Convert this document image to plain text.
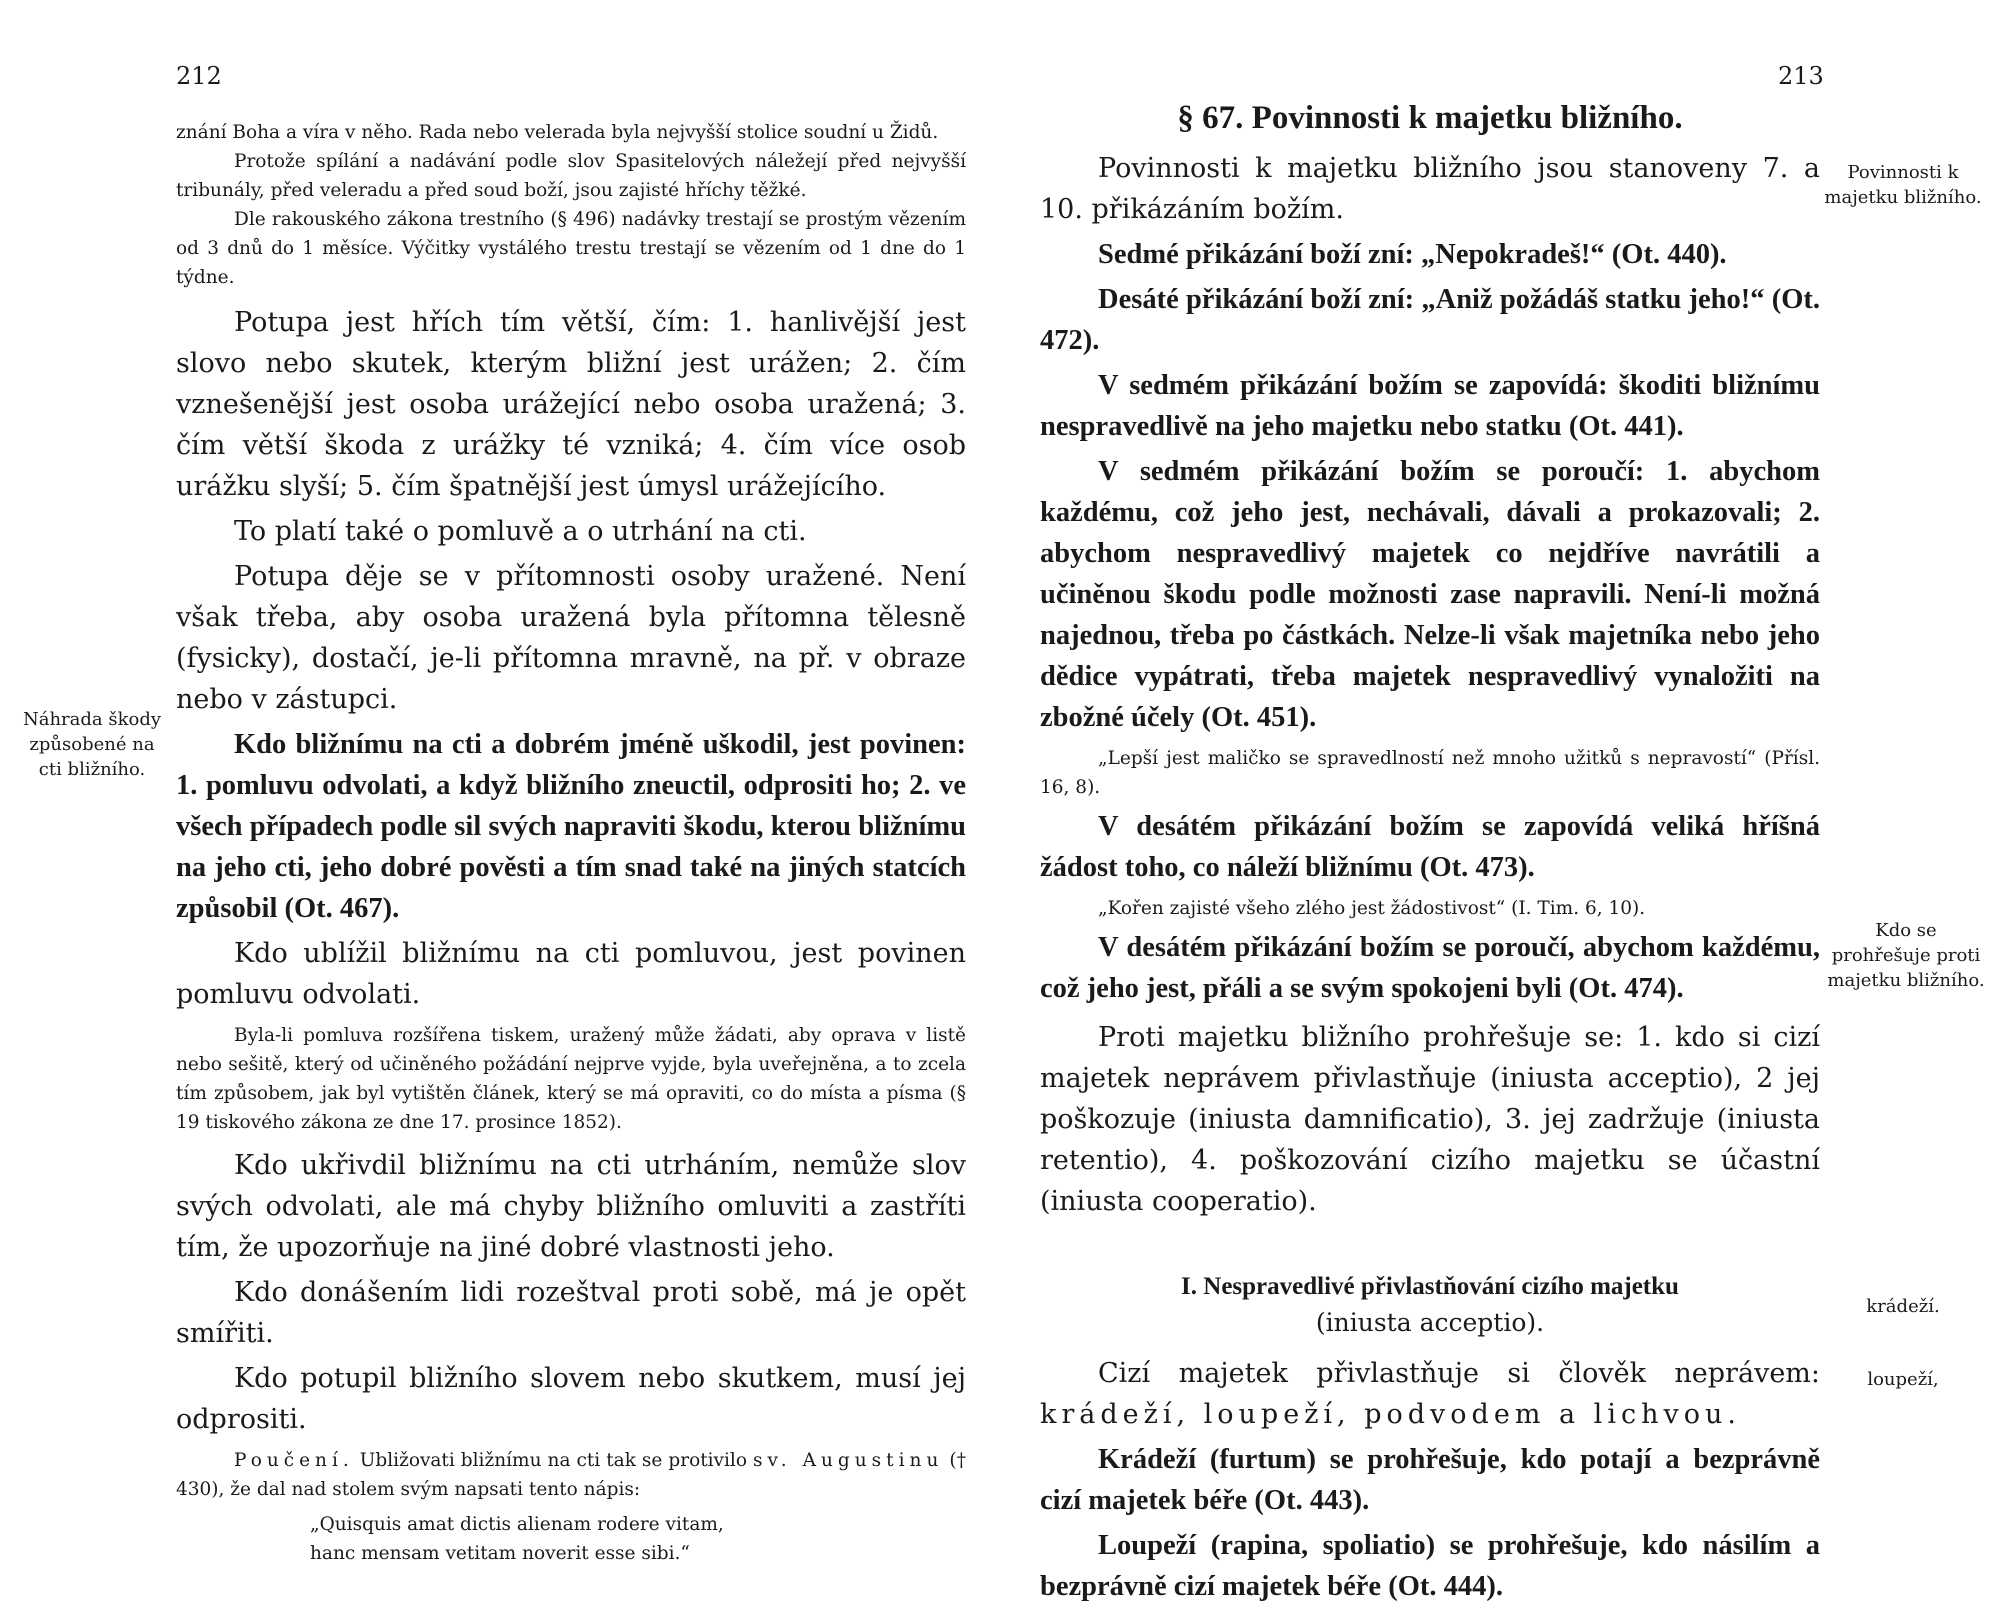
212
Náhrada škody způsobené na cti bližního.

znání Boha a víra v něho. Rada nebo velerada byla nejvyšší stolice soudní u Židů.

Protože spílání a nadávání podle slov Spasitelových náležejí před nejvyšší tribunály, před veleradu a před soud boží, jsou zajisté hříchy těžké.

Dle rakouského zákona trestního (§ 496) nadávky trestají se prostým vězením od 3 dnů do 1 měsíce. Výčitky vystálého trestu trestají se vězením od 1 dne do 1 týdne.

Potupa jest hřích tím větší, čím: 1. hanlivější jest slovo nebo skutek, kterým bližní jest urážen; 2. čím vznešenější jest osoba urážející nebo osoba uražená; 3. čím větší škoda z urážky té vzniká; 4. čím více osob urážku slyší; 5. čím špatnější jest úmysl urážejícího.

To platí také o pomluvě a o utrhání na cti.

Potupa děje se v přítomnosti osoby uražené. Není však třeba, aby osoba uražená byla přítomna tělesně (fysicky), dostačí, je-li přítomna mravně, na př. v obraze nebo v zástupci.

Kdo bližnímu na cti a dobrém jméně uškodil, jest povinen: 1. pomluvu odvolati, a když bližního zneuctil, odprositi ho; 2. ve všech případech podle sil svých napraviti škodu, kterou bližnímu na jeho cti, jeho dobré pověsti a tím snad také na jiných statcích způsobil (Ot. 467).

Kdo ublížil bližnímu na cti pomluvou, jest povinen pomluvu odvolati.

Byla-li pomluva rozšířena tiskem, uražený může žádati, aby oprava v listě nebo sešitě, který od učiněného požádání nejprve vyjde, byla uveřejněna, a to zcela tím způsobem, jak byl vytištěn článek, který se má opraviti, co do místa a písma (§ 19 tiskového zákona ze dne 17. prosince 1852).

Kdo ukřivdil bližnímu na cti utrháním, nemůže slov svých odvolati, ale má chyby bližního omluviti a zastříti tím, že upozorňuje na jiné dobré vlastnosti jeho.

Kdo donášením lidi rozeštval proti sobě, má je opět smířiti.

Kdo potupil bližního slovem nebo skutkem, musí jej odprositi.

Poučení. Ubližovati bližnímu na cti tak se protivilo sv. Augustinu († 430), že dal nad stolem svým napsati tento nápis:

„Quisquis amat dictis alienam rodere vitam,
hanc mensam vetitam noverit esse sibi.“
213
Povinnosti k majetku bližního.
Kdo se prohřešuje proti majetku bližního.
krádeží.
loupeží,
§ 67. Povinnosti k majetku bližního.

Povinnosti k majetku bližního jsou stanoveny 7. a 10. přikázáním božím.

Sedmé přikázání boží zní: „Nepokradeš!“ (Ot. 440).

Desáté přikázání boží zní: „Aniž požádáš statku jeho!“ (Ot. 472).

V sedmém přikázání božím se zapovídá: škoditi bližnímu nespravedlivě na jeho majetku nebo statku (Ot. 441).

V sedmém přikázání božím se poroučí: 1. abychom každému, což jeho jest, nechávali, dávali a prokazovali; 2. abychom nespravedlivý majetek co nejdříve navrátili a učiněnou škodu podle možnosti zase napravili. Není-li možná najednou, třeba po částkách. Nelze-li však majetníka nebo jeho dědice vypátrati, třeba majetek nespravedlivý vynaložiti na zbožné účely (Ot. 451).

„Lepší jest maličko se spravedlností než mnoho užitků s nepravostí“ (Přísl. 16, 8).

V desátém přikázání božím se zapovídá veliká hříšná žádost toho, co náleží bližnímu (Ot. 473).

„Kořen zajisté všeho zlého jest žádostivost“ (I. Tim. 6, 10).

V desátém přikázání božím se poroučí, abychom každému, což jeho jest, přáli a se svým spokojeni byli (Ot. 474).

Proti majetku bližního prohřešuje se: 1. kdo si cizí majetek neprávem přivlastňuje (iniusta acceptio), 2 jej poškozuje (iniusta damnificatio), 3. jej zadržuje (iniusta retentio), 4. poškozování cizího majetku se účastní (iniusta cooperatio).

I. Nespravedlivé přivlastňování cizího majetku
(iniusta acceptio).

Cizí majetek přivlastňuje si člověk neprávem: krádeží, loupeží, podvodem a lichvou.

Krádeží (furtum) se prohřešuje, kdo potají a bezprávně cizí majetek béře (Ot. 443).

Loupeží (rapina, spoliatio) se prohřešuje, kdo násilím a bezprávně cizí majetek béře (Ot. 444).
